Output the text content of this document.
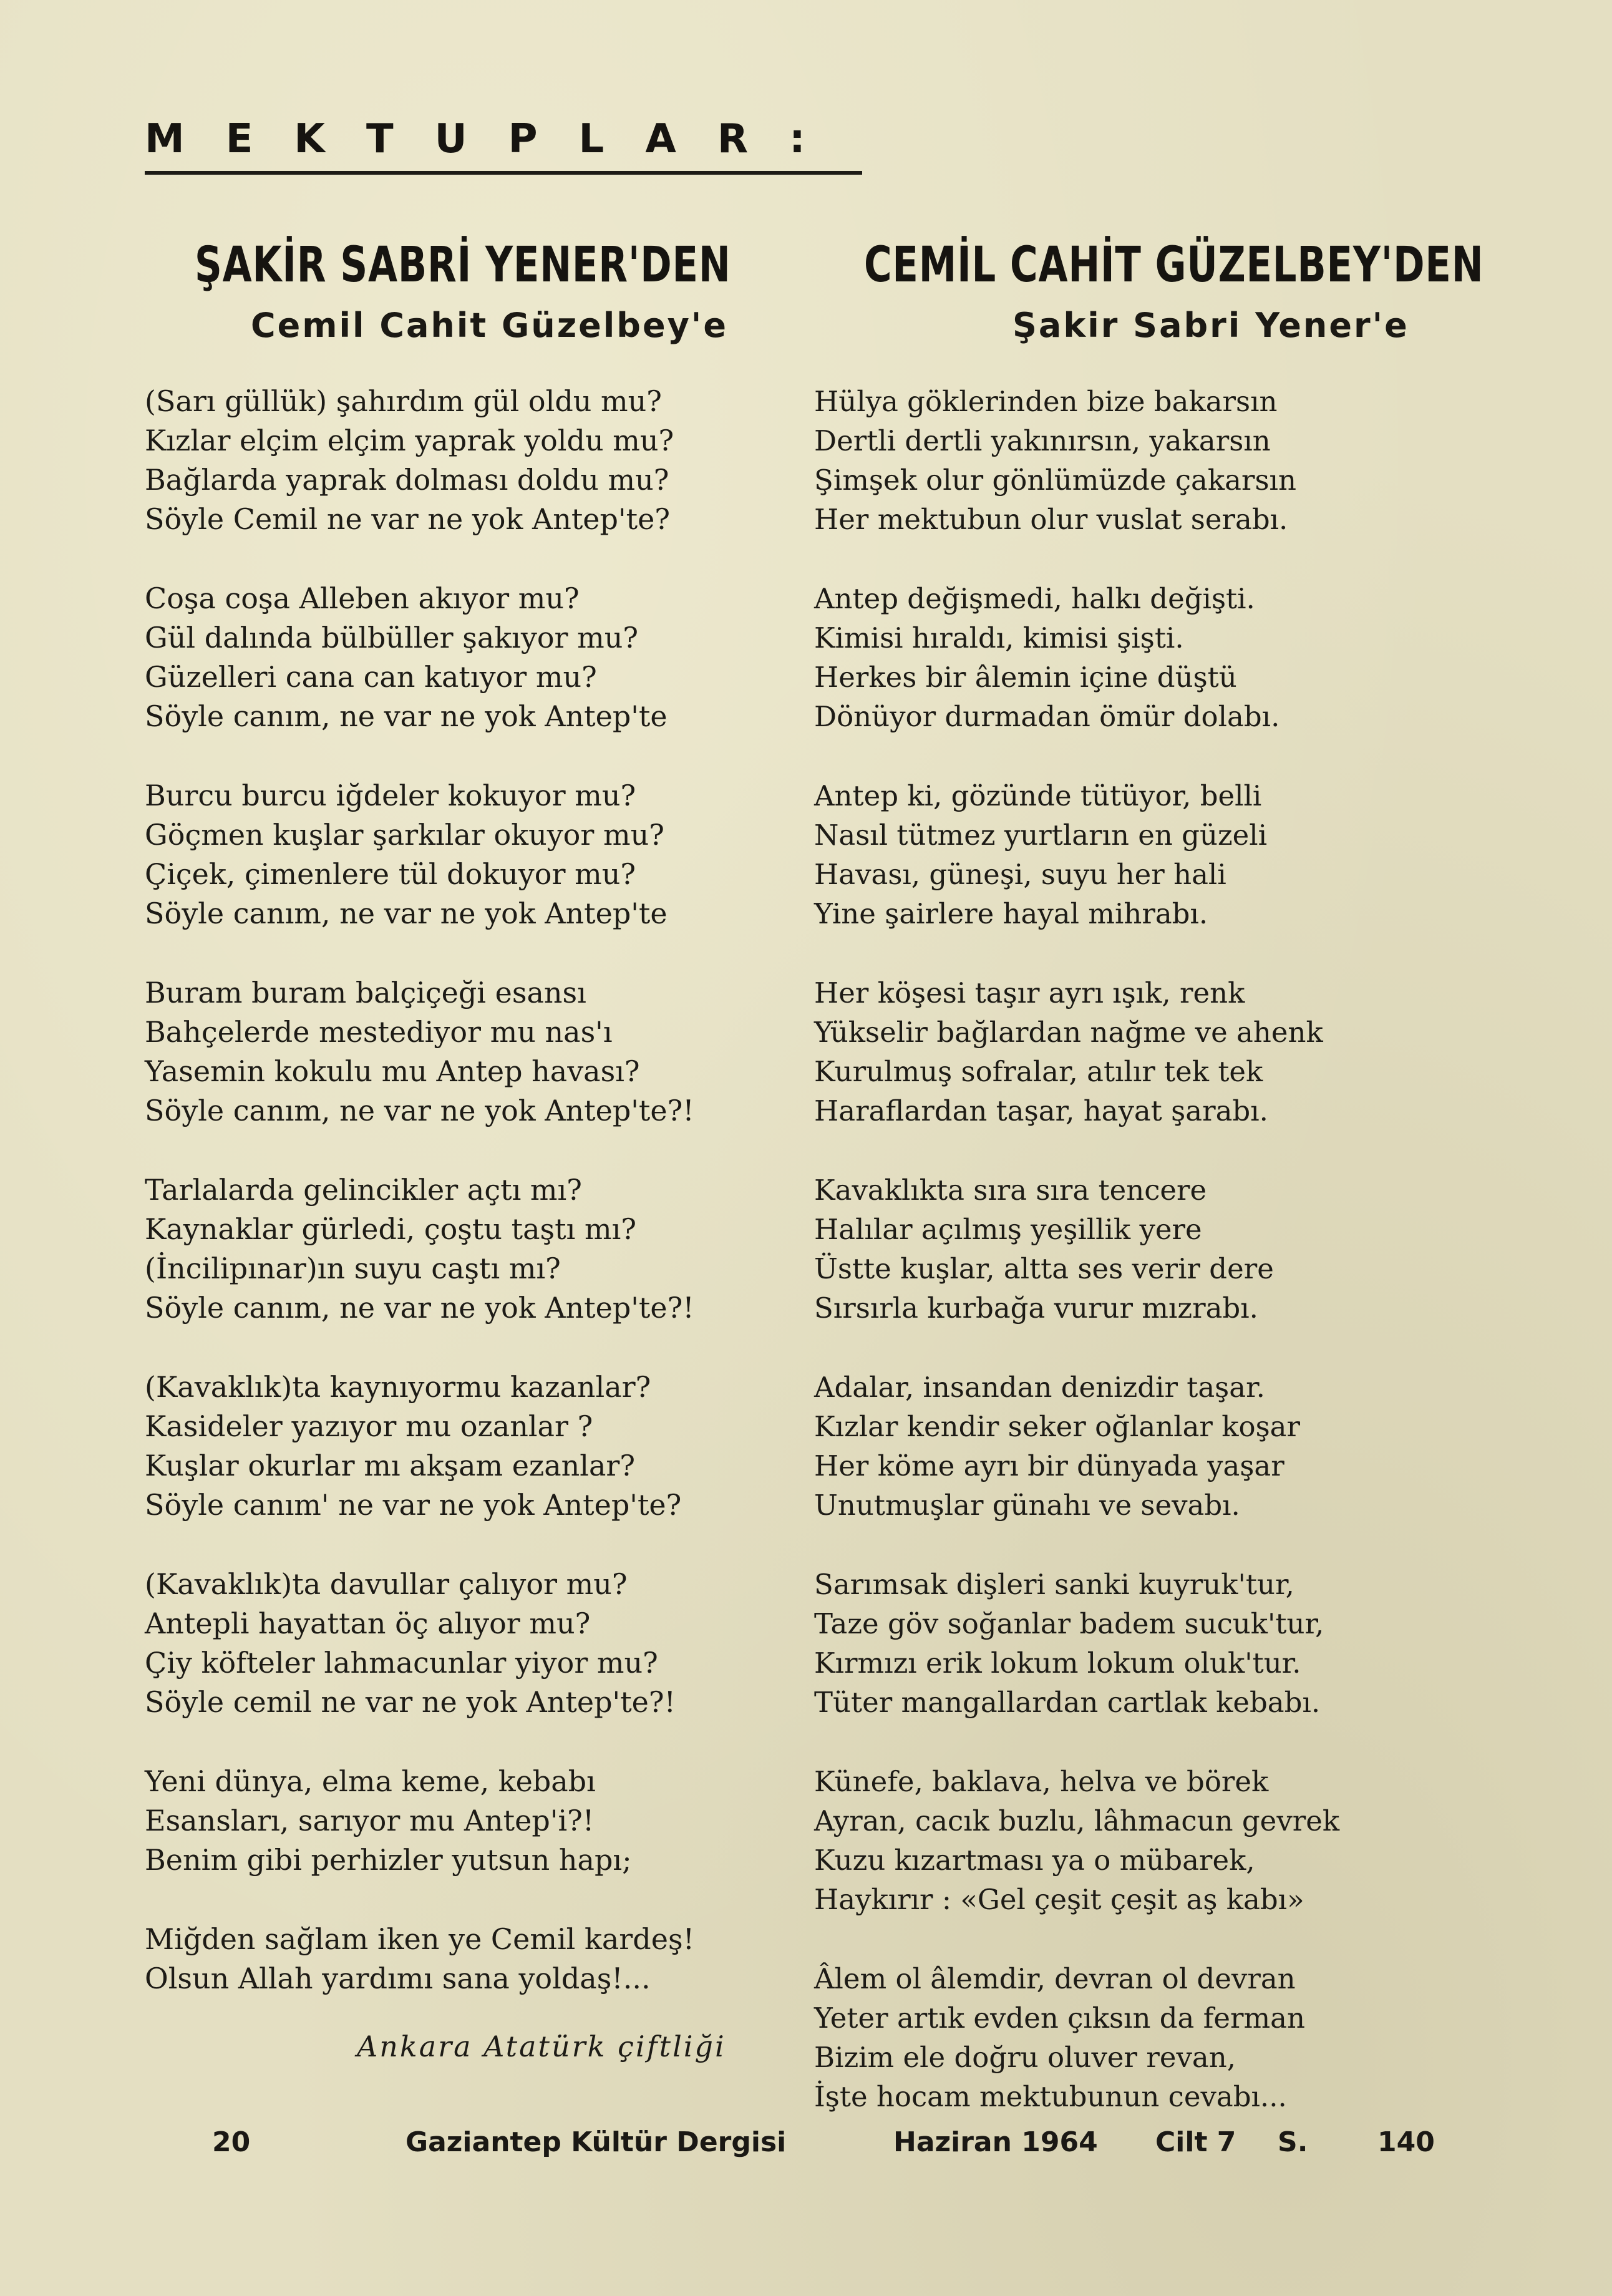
MEKTUPLAR:
ŞAKİR SABRİ YENER'DEN
Cemil Cahit Güzelbey'e
(Sarı güllük) şahırdım gül oldu mu?
Kızlar elçim elçim yaprak yoldu mu?
Bağlarda yaprak dolması doldu mu?
Söyle Cemil ne var ne yok Antep'te?
Coşa coşa Alleben akıyor mu?
Gül dalında bülbüller şakıyor mu?
Güzelleri cana can katıyor mu?
Söyle canım, ne var ne yok Antep'te
Burcu burcu iğdeler kokuyor mu?
Göçmen kuşlar şarkılar okuyor mu?
Çiçek, çimenlere tül dokuyor mu?
Söyle canım, ne var ne yok Antep'te
Buram buram balçiçeği esansı
Bahçelerde mestediyor mu nas'ı
Yasemin kokulu mu Antep havası?
Söyle canım, ne var ne yok Antep'te?!
Tarlalarda gelincikler açtı mı?
Kaynaklar gürledi, çoştu taştı mı?
(İncilipınar)ın suyu caştı mı?
Söyle canım, ne var ne yok Antep'te?!
(Kavaklık)ta kaynıyormu kazanlar?
Kasideler yazıyor mu ozanlar ?
Kuşlar okurlar mı akşam ezanlar?
Söyle canım' ne var ne yok Antep'te?
(Kavaklık)ta davullar çalıyor mu?
Antepli hayattan öç alıyor mu?
Çiy köfteler lahmacunlar yiyor mu?
Söyle cemil ne var ne yok Antep'te?!
Yeni dünya, elma keme, kebabı
Esansları, sarıyor mu Antep'i?!
Benim gibi perhizler yutsun hapı;
Miğden sağlam iken ye Cemil kardeş!
Olsun Allah yardımı sana yoldaş!...
Ankara Atatürk çiftliği
CEMİL CAHİT GÜZELBEY'DEN
Şakir Sabri Yener'e
Hülya göklerinden bize bakarsın
Dertli dertli yakınırsın, yakarsın
Şimşek olur gönlümüzde çakarsın
Her mektubun olur vuslat serabı.
Antep değişmedi, halkı değişti.
Kimisi hıraldı, kimisi şişti.
Herkes bir âlemin içine düştü
Dönüyor durmadan ömür dolabı.
Antep ki, gözünde tütüyor, belli
Nasıl tütmez yurtların en güzeli
Havası, güneşi, suyu her hali
Yine şairlere hayal mihrabı.
Her köşesi taşır ayrı ışık, renk
Yükselir bağlardan nağme ve ahenk
Kurulmuş sofralar, atılır tek tek
Haraflardan taşar, hayat şarabı.
Kavaklıkta sıra sıra tencere
Halılar açılmış yeşillik yere
Üstte kuşlar, altta ses verir dere
Sırsırla kurbağa vurur mızrabı.
Adalar, insandan denizdir taşar.
Kızlar kendir seker oğlanlar koşar
Her köme ayrı bir dünyada yaşar
Unutmuşlar günahı ve sevabı.
Sarımsak dişleri sanki kuyruk'tur,
Taze göv soğanlar badem sucuk'tur,
Kırmızı erik lokum lokum oluk'tur.
Tüter mangallardan cartlak kebabı.
Künefe, baklava, helva ve börek
Ayran, cacık buzlu, lâhmacun gevrek
Kuzu kızartması ya o mübarek,
Haykırır : «Gel çeşit çeşit aş kabı»
Âlem ol âlemdir, devran ol devran
Yeter artık evden çıksın da ferman
Bizim ele doğru oluver revan,
İşte hocam mektubunun cevabı...
20	Gaziantep Kültür Dergisi	Haziran 1964 Cilt 7 S.	140
